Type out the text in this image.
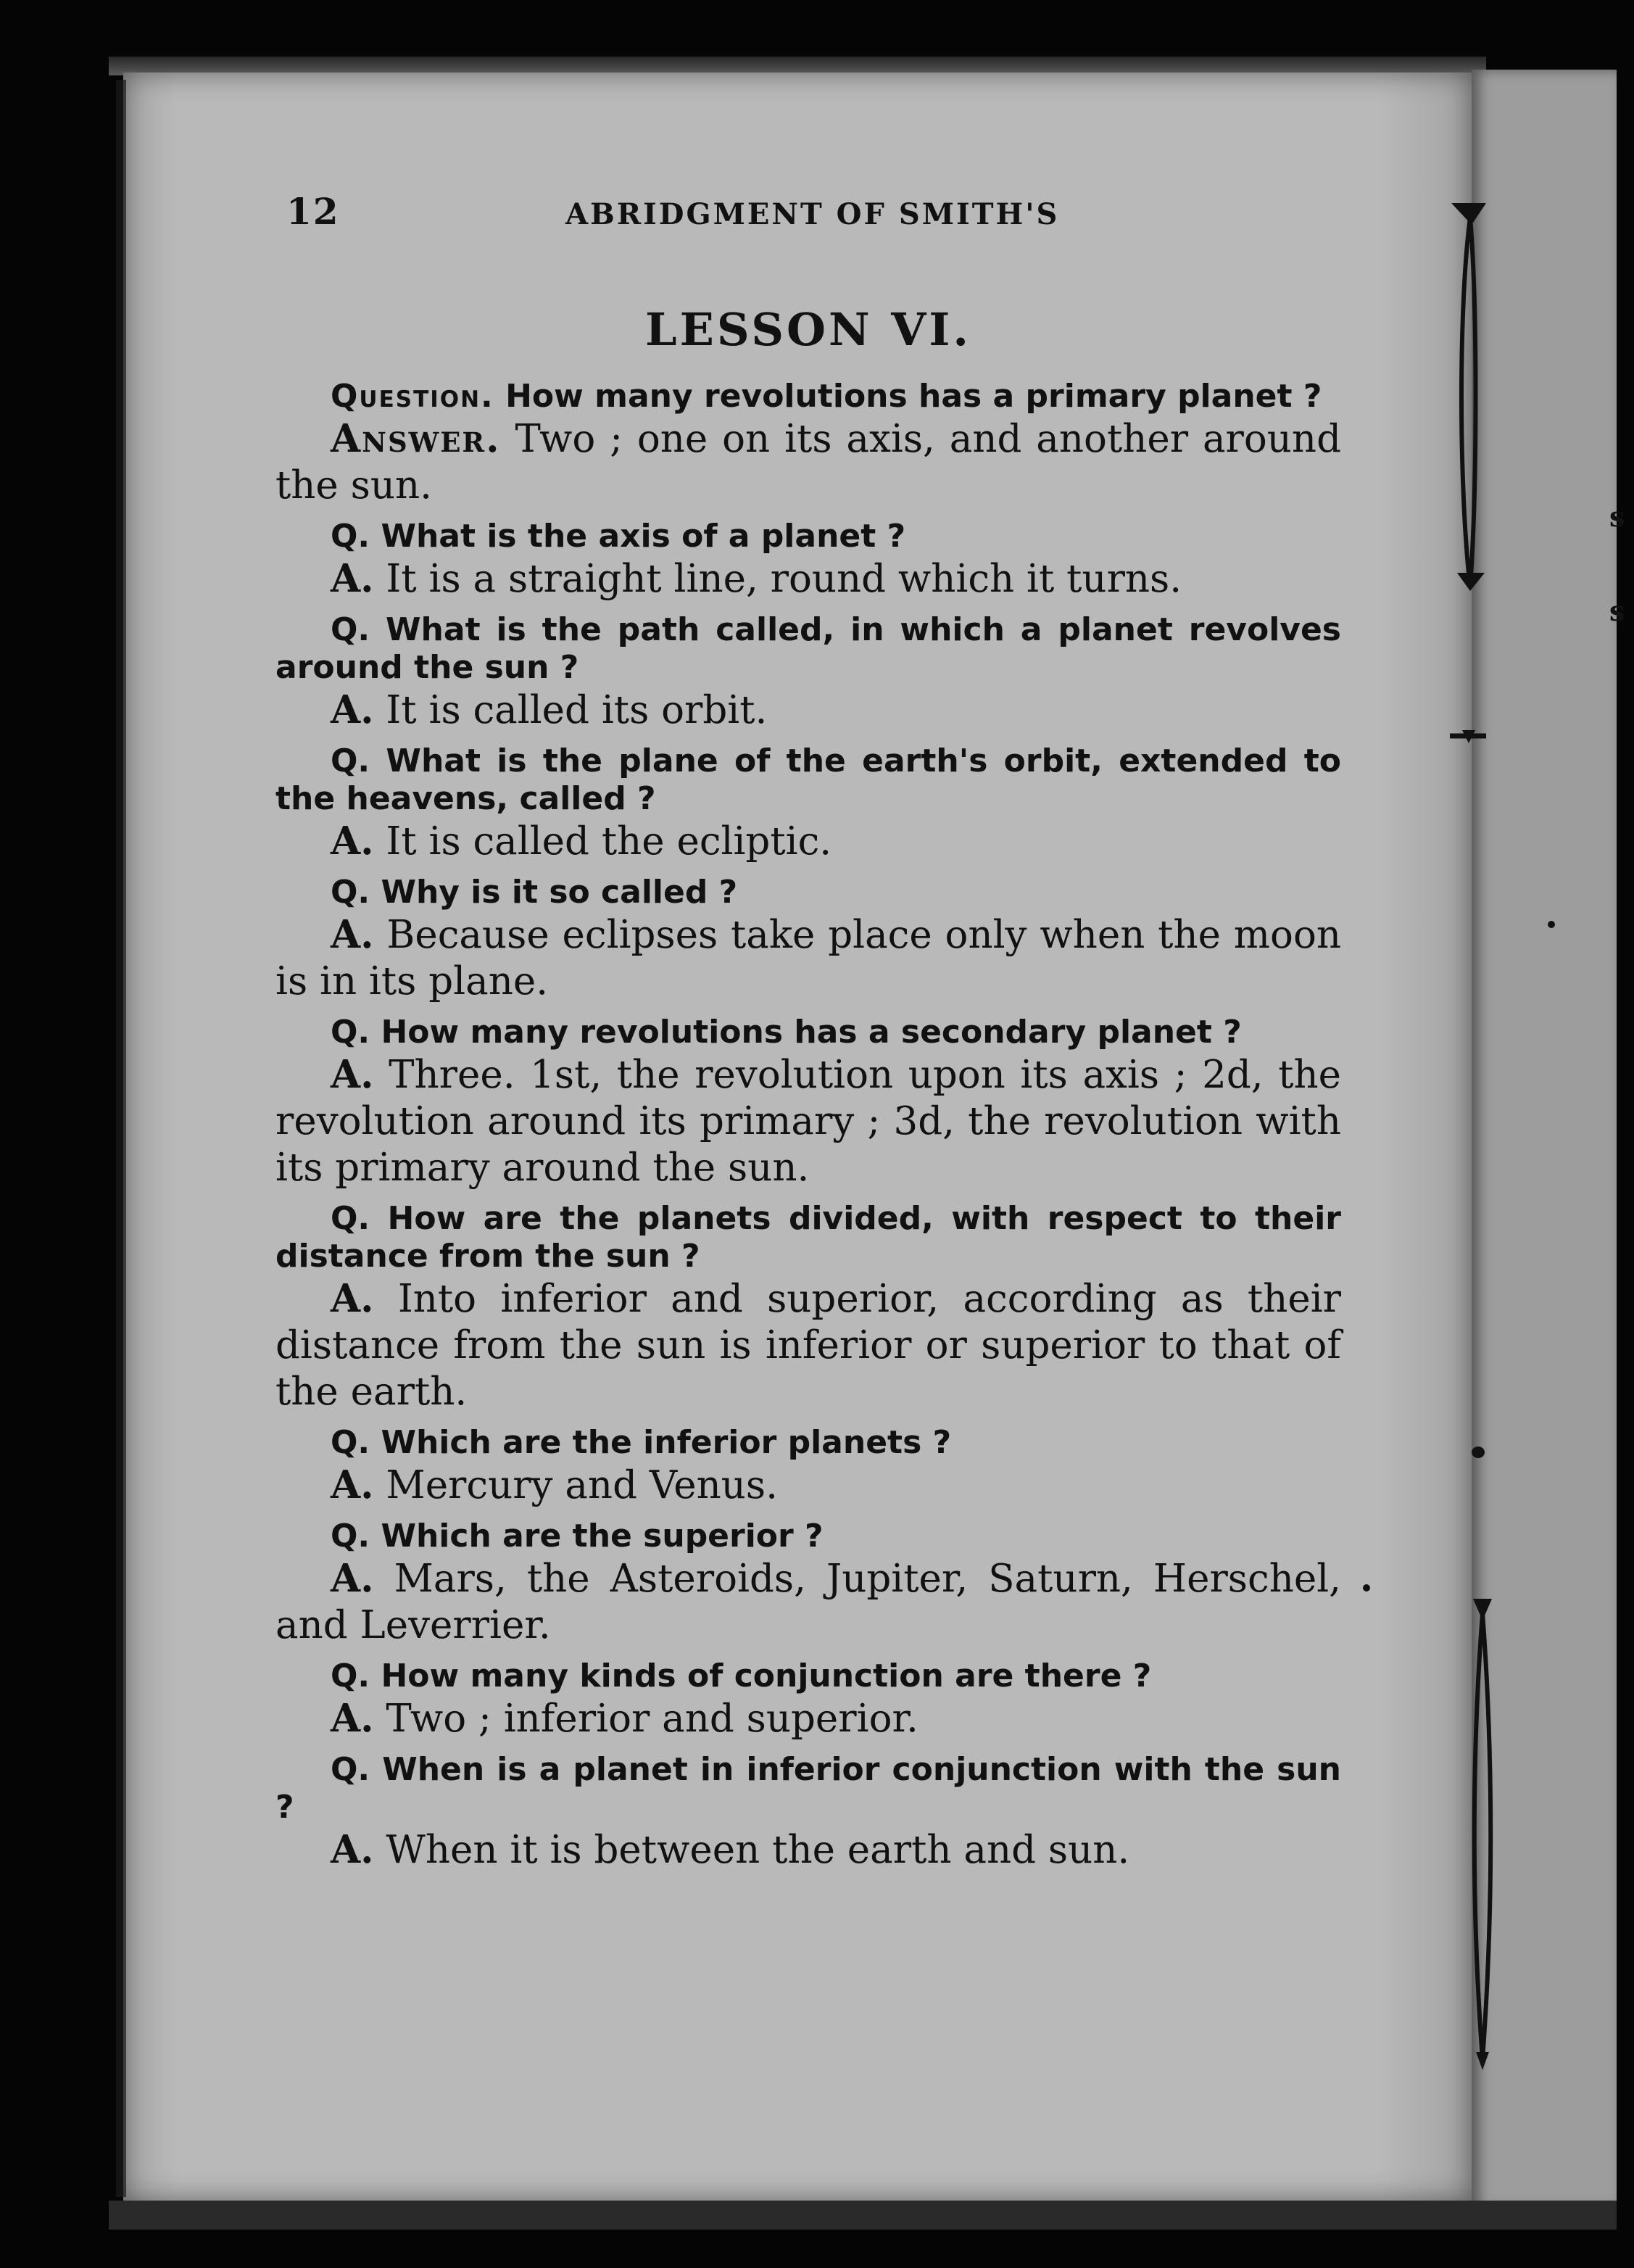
s
s
12	ABRIDGMENT OF SMITH'S
LESSON VI.

Question. How many revolutions has a primary planet ?

Answer. Two ; one on its axis, and another around the sun.

Q. What is the axis of a planet ?

A. It is a straight line, round which it turns.

Q. What is the path called, in which a planet revolves around the sun ?

A. It is called its orbit.

Q. What is the plane of the earth's orbit, extended to the heavens, called ?

A. It is called the ecliptic.

Q. Why is it so called ?

A. Because eclipses take place only when the moon is in its plane.

Q. How many revolutions has a secondary planet ?

A. Three. 1st, the revolution upon its axis ; 2d, the revolution around its primary ; 3d, the revolution with its primary around the sun.

Q. How are the planets divided, with respect to their distance from the sun ?

A. Into inferior and superior, according as their distance from the sun is inferior or superior to that of the earth.

Q. Which are the inferior planets ?

A. Mercury and Venus.

Q. Which are the superior ?

A. Mars, the Asteroids, Jupiter, Saturn, Herschel, and Leverrier.

Q. How many kinds of conjunction are there ?

A. Two ; inferior and superior.

Q. When is a planet in inferior conjunction with the sun ?

A. When it is between the earth and sun.
